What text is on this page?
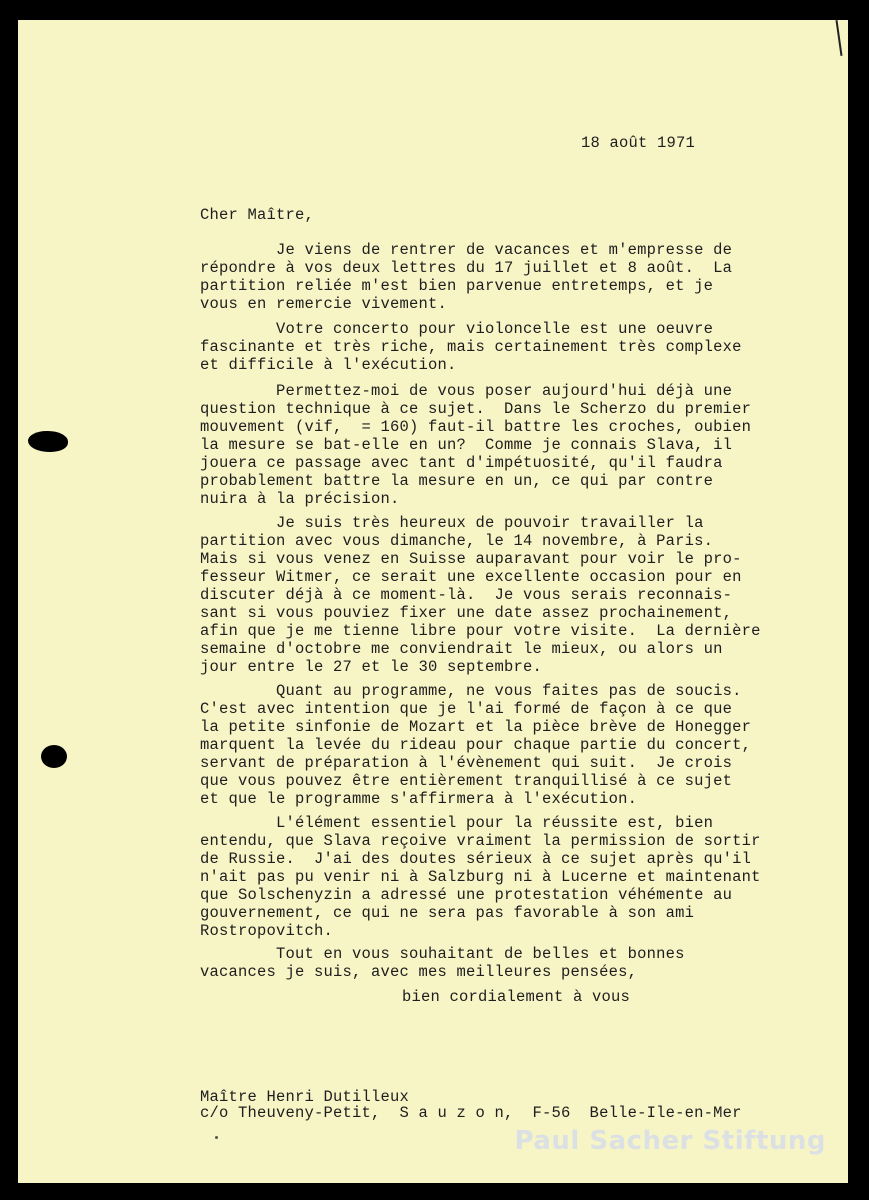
18 août 1971
Cher Maître,
Je viens de rentrer de vacances et m'empresse de
répondre à vos deux lettres du 17 juillet et 8 août.  La
partition reliée m'est bien parvenue entretemps, et je
vous en remercie vivement.
Votre concerto pour violoncelle est une oeuvre
fascinante et très riche, mais certainement très complexe
et difficile à l'exécution.
Permettez-moi de vous poser aujourd'hui déjà une
question technique à ce sujet.  Dans le Scherzo du premier
mouvement (vif,  = 160) faut-il battre les croches, oubien
la mesure se bat-elle en un?  Comme je connais Slava, il
jouera ce passage avec tant d'impétuosité, qu'il faudra
probablement battre la mesure en un, ce qui par contre
nuira à la précision.
Je suis très heureux de pouvoir travailler la
partition avec vous dimanche, le 14 novembre, à Paris.
Mais si vous venez en Suisse auparavant pour voir le pro-
fesseur Witmer, ce serait une excellente occasion pour en
discuter déjà à ce moment-là.  Je vous serais reconnais-
sant si vous pouviez fixer une date assez prochainement,
afin que je me tienne libre pour votre visite.  La dernière
semaine d'octobre me conviendrait le mieux, ou alors un
jour entre le 27 et le 30 septembre.
Quant au programme, ne vous faites pas de soucis.
C'est avec intention que je l'ai formé de façon à ce que
la petite sinfonie de Mozart et la pièce brève de Honegger
marquent la levée du rideau pour chaque partie du concert,
servant de préparation à l'évènement qui suit.  Je crois
que vous pouvez être entièrement tranquillisé à ce sujet
et que le programme s'affirmera à l'exécution.
L'élément essentiel pour la réussite est, bien
entendu, que Slava reçoive vraiment la permission de sortir
de Russie.  J'ai des doutes sérieux à ce sujet après qu'il
n'ait pas pu venir ni à Salzburg ni à Lucerne et maintenant
que Solschenyzin a adressé une protestation véhémente au
gouvernement, ce qui ne sera pas favorable à son ami
Rostropovitch.
Tout en vous souhaitant de belles et bonnes
vacances je suis, avec mes meilleures pensées,
bien cordialement à vous
Maître Henri Dutilleux
c/o Theuveny-Petit,  S a u z o n,  F-56  Belle-Ile-en-Mer
Paul Sacher Stiftung
